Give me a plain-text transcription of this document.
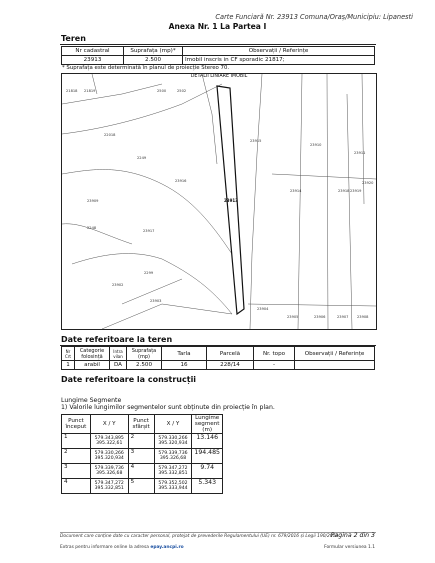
Carte Funciară Nr. 23913 Comuna/Oraș/Municipiu: Lipanesti
Anexa Nr. 1 La Partea I
Teren
Nr cadastral	Suprafața (mp)*	Observații / Referințe
23913	2.500	Imobil inscris in CF sporadic 21817;
* Suprafața este determinată în planul de proiecție Stereo 70.
DETALII LINIARE IMOBIL
21818 21819	2500	2502
23915
22018
2249
23916
23917
23914
2248
23918 23919
23920
2299
23902
23903
23904
23905	23906	23907 23908
23909
23910
23911
23913
Date referitoare la teren
Nr Crt	Categorie folosință	Intra vilan	Suprafața (mp)	Tarla	Parcelă	Nr. topo	Observații / Referințe
1	arabil	DA	2.500	16	228/14	-	
Date referitoare la construcții
Lungime Segmente
1) Valorile lungimilor segmentelor sunt obținute din proiecție în plan.
Punct început	X / Y	Punct sfârșit	X / Y	Lungime segment (m)
1	579.343,895
395.322,61	2	579.330,266
395.320,934	13.146
2	579.330,266
395.320,934	3	579.339,736
395.326,68	194.485
3	579.339,736
395.326,68	4	579.347,272
395.332,851	9.74
4	579.347,272
395.332,851	5	579.352,502
395.333,944	5.343
Document care conține date cu caracter personal, protejat de prevederile Regulamentului (UE) nr. 679/2016 și Legii 190/2018
Pagina 2 din 3
Extras pentru informare online la adresa epay.ancpi.ro	Formular versiunea 1.1
